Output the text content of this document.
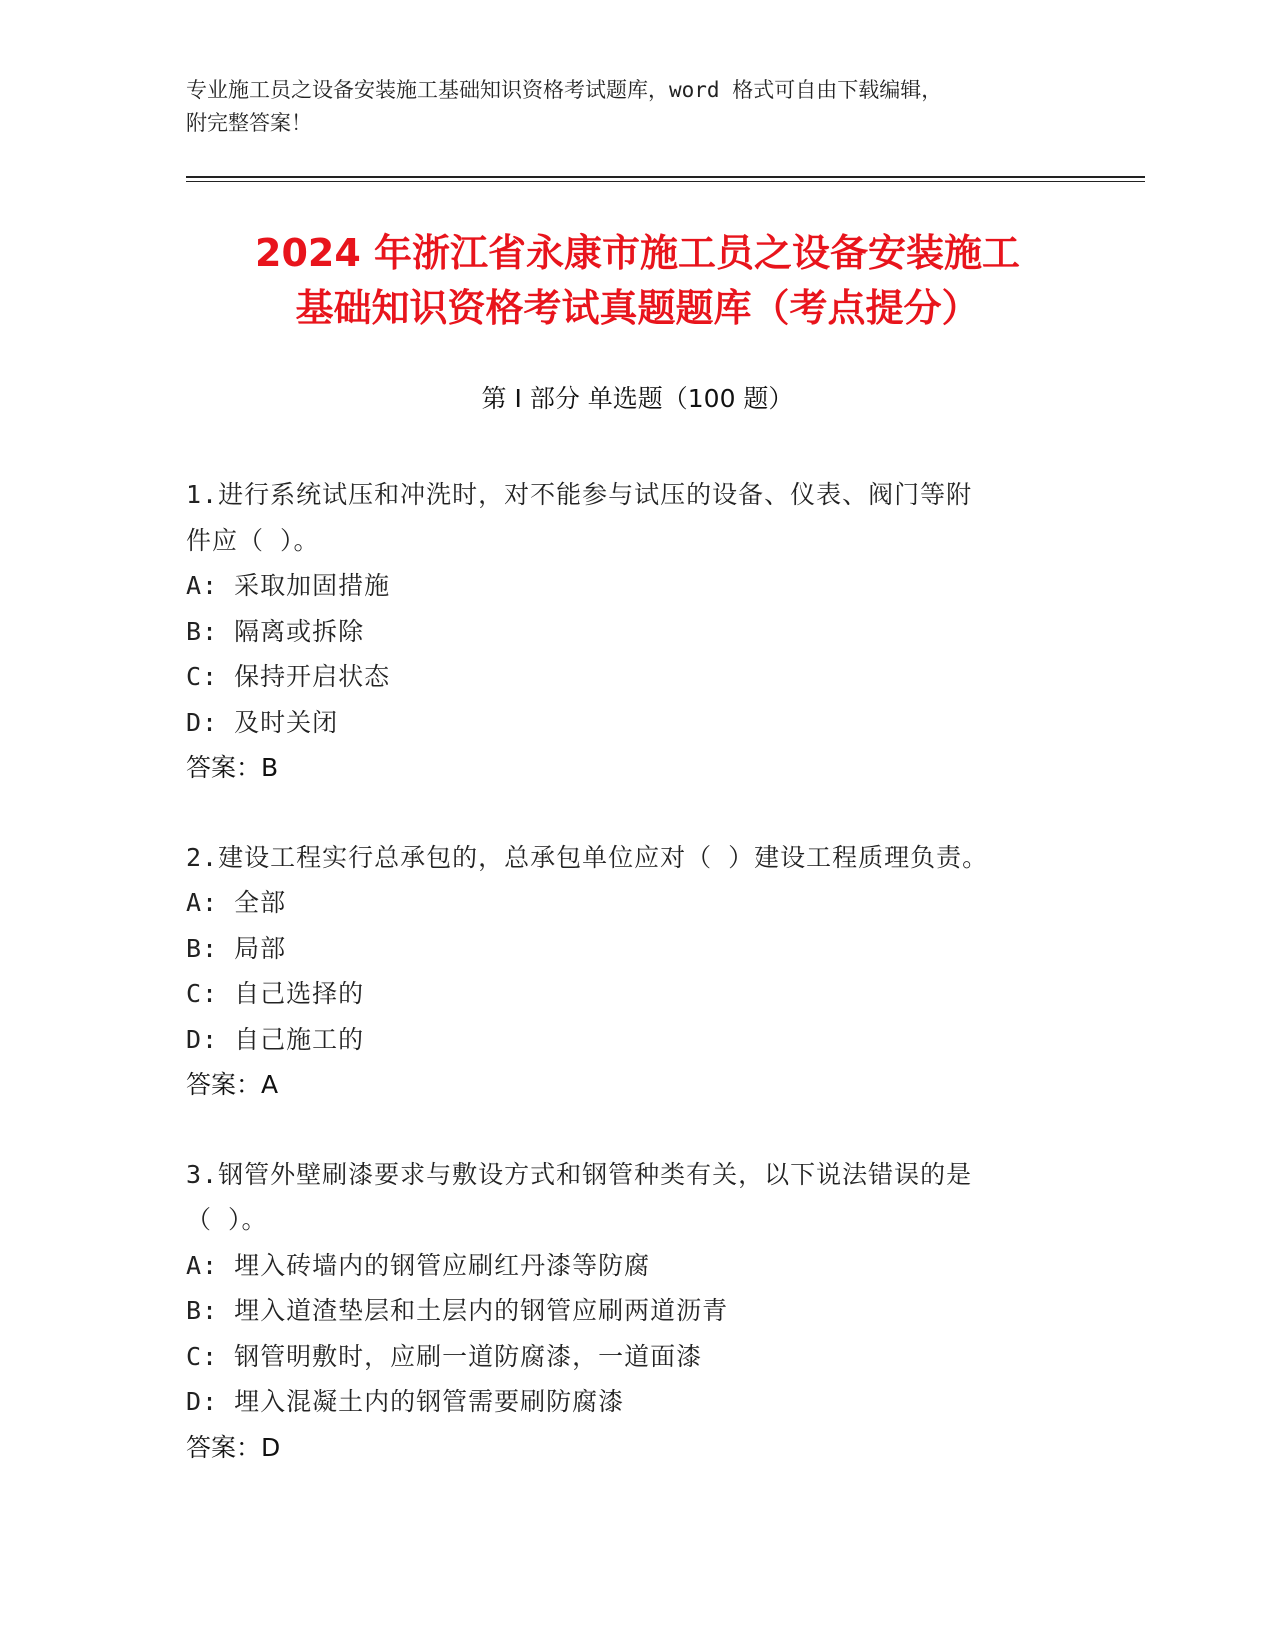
专业施工员之设备安装施工基础知识资格考试题库，word 格式可自由下载编辑，
附完整答案！
2024 年浙江省永康市施工员之设备安装施工
基础知识资格考试真题题库（考点提分）
第 I 部分 单选题（100 题）
1.进行系统试压和冲洗时，对不能参与试压的设备、仪表、阀门等附
件应（ ）。
A: 采取加固措施
B: 隔离或拆除
C: 保持开启状态
D: 及时关闭
答案：B
2.建设工程实行总承包的，总承包单位应对（ ）建设工程质理负责。
A: 全部
B: 局部
C: 自己选择的
D: 自己施工的
答案：A
3.钢管外壁刷漆要求与敷设方式和钢管种类有关，以下说法错误的是
（ ）。
A: 埋入砖墙内的钢管应刷红丹漆等防腐
B: 埋入道渣垫层和土层内的钢管应刷两道沥青
C: 钢管明敷时，应刷一道防腐漆，一道面漆
D: 埋入混凝土内的钢管需要刷防腐漆
答案：D
